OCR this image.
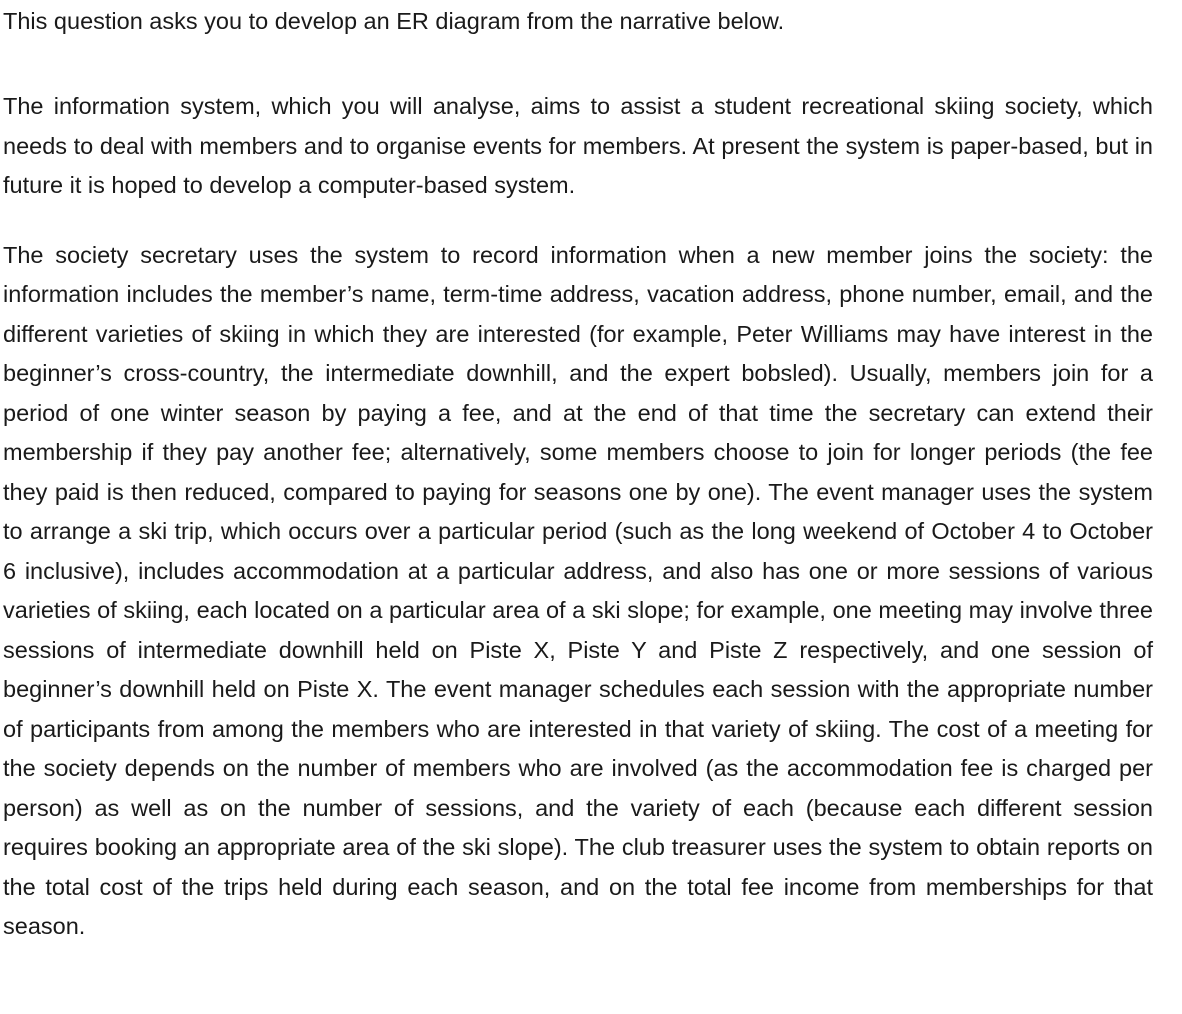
This question asks you to develop an ER diagram from the narrative below.

The information system, which you will analyse, aims to assist a student recreational skiing society, which needs to deal with members and to organise events for members. At present the system is paper-based, but in future it is hoped to develop a computer-based system.

The society secretary uses the system to record information when a new member joins the society: the information includes the member’s name, term-time address, vacation address, phone number, email, and the different varieties of skiing in which they are interested (for example, Peter Williams may have interest in the beginner’s cross-country, the intermediate downhill, and the expert bobsled). Usually, members join for a period of one winter season by paying a fee, and at the end of that time the secretary can extend their membership if they pay another fee; alternatively, some members choose to join for longer periods (the fee they paid is then reduced, compared to paying for seasons one by one). The event manager uses the system to arrange a ski trip, which occurs over a particular period (such as the long weekend of October 4 to October 6 inclusive), includes accommodation at a particular address, and also has one or more sessions of various varieties of skiing, each located on a particular area of a ski slope; for example, one meeting may involve three sessions of intermediate downhill held on Piste X, Piste Y and Piste Z respectively, and one session of beginner’s downhill held on Piste X. The event manager schedules each session with the appropriate number of participants from among the members who are interested in that variety of skiing. The cost of a meeting for the society depends on the number of members who are involved (as the accommodation fee is charged per person) as well as on the number of sessions, and the variety of each (because each different session requires booking an appropriate area of the ski slope). The club treasurer uses the system to obtain reports on the total cost of the trips held during each season, and on the total fee income from memberships for that season.
